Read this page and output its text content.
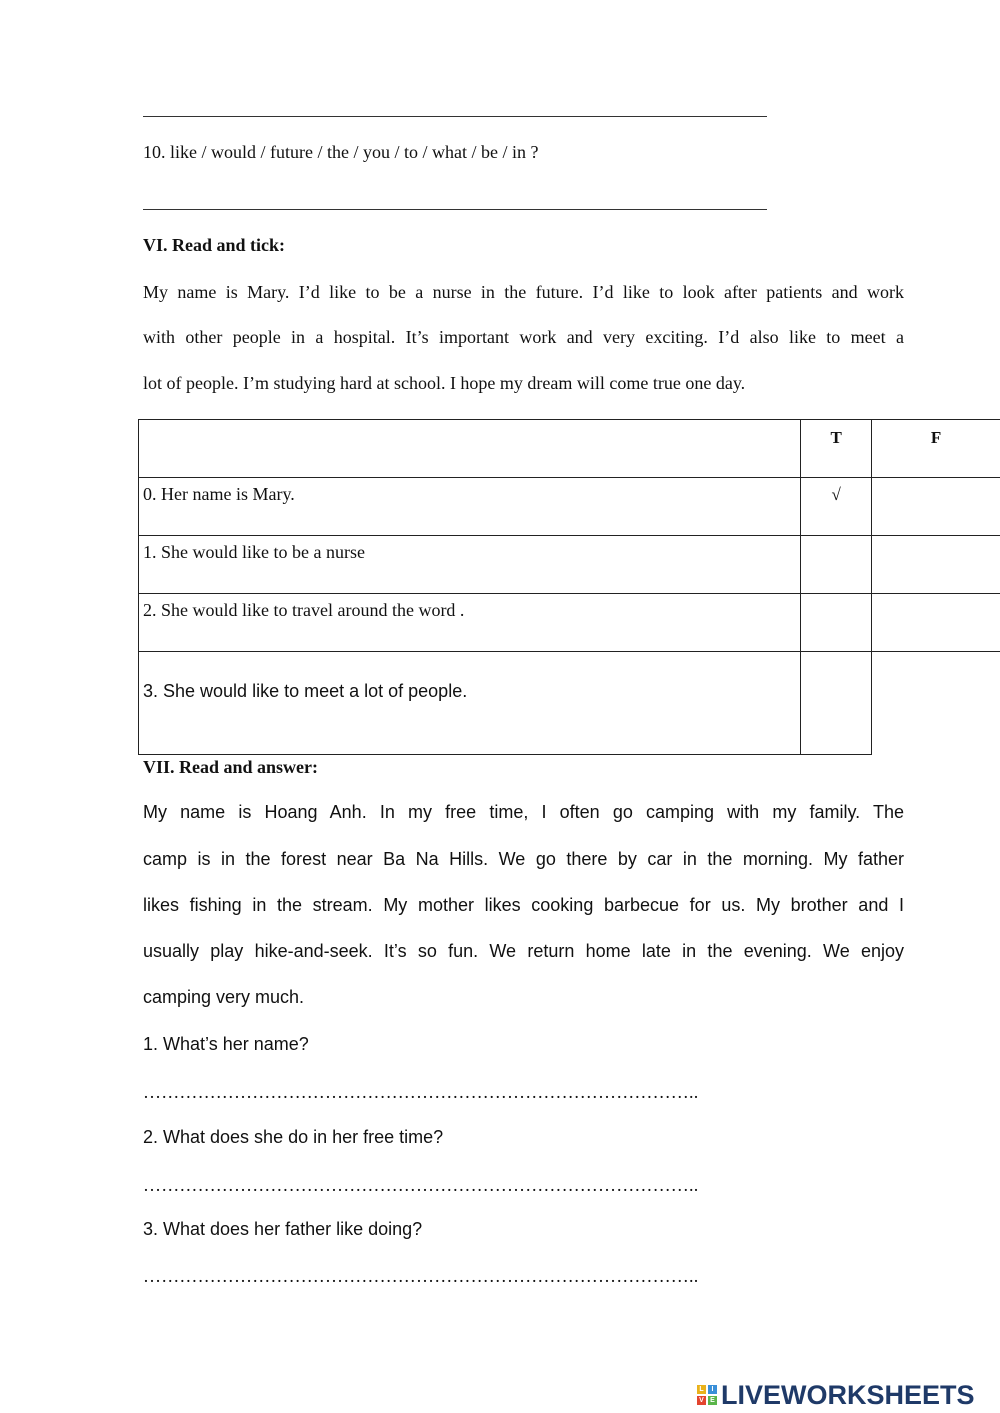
10. like / would / future / the / you / to / what / be / in ?
VI. Read and tick:
My name is Mary. I’d like to be a nurse in the future. I’d like to look after patients and work
with other people in a hospital. It’s important work and very exciting. I’d also like to meet a
lot of people. I’m studying hard at school. I hope my dream will come true one day.
	T	F
0. Her name is Mary.	√	
1. She would like to be a nurse		
2. She would like to travel around the word .		
3. She would like to meet a lot of people.		
VII. Read and answer:
My name is Hoang Anh. In my free time, I often go camping with my family. The
camp is in the forest near Ba Na Hills. We go there by car in the morning. My father
likes fishing in the stream. My mother likes cooking barbecue for us. My brother and I
usually play hike-and-seek. It’s so fun. We return home late in the evening. We enjoy
camping very much.
1. What’s her name?
………………………………………………………………………………..
2. What does she do in her free time?
………………………………………………………………………………..
3. What does her father like doing?
………………………………………………………………………………..
L	I
V E LIVEWORKSHEETS
